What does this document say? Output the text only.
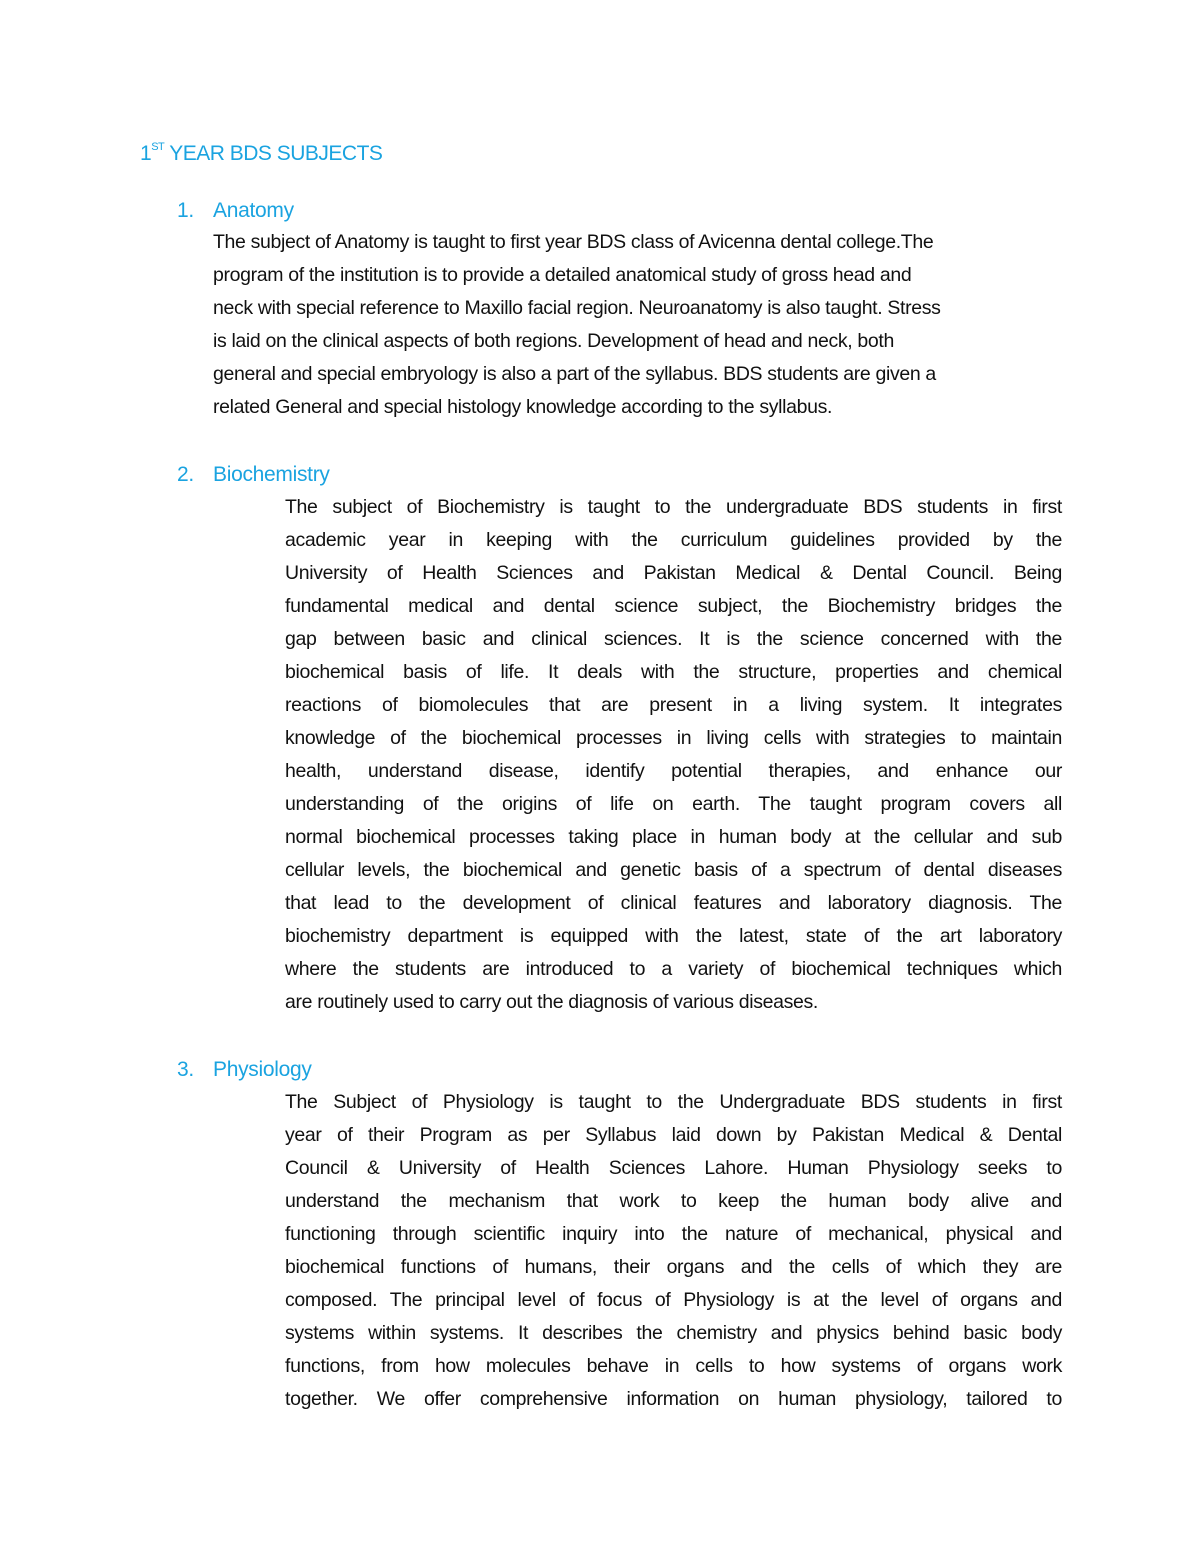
1ST YEAR BDS SUBJECTS
1. Anatomy
The subject of Anatomy is taught to first year BDS class of Avicenna dental college.The
program of the institution is to provide a detailed anatomical study of gross head and
neck with special reference to Maxillo facial region. Neuroanatomy is also taught. Stress
is laid on the clinical aspects of both regions. Development of head and neck, both
general and special embryology is also a part of the syllabus. BDS students are given a
related General and special histology knowledge according to the syllabus.
2. Biochemistry
The subject of Biochemistry is taught to the undergraduate BDS students in first
academic year in keeping with the curriculum guidelines provided by the
University of Health Sciences and Pakistan Medical & Dental Council. Being
fundamental medical and dental science subject, the Biochemistry bridges the
gap between basic and clinical sciences. It is the science concerned with the
biochemical basis of life. It deals with the structure, properties and chemical
reactions of biomolecules that are present in a living system. It integrates
knowledge of the biochemical processes in living cells with strategies to maintain
health, understand disease, identify potential therapies, and enhance our
understanding of the origins of life on earth. The taught program covers all
normal biochemical processes taking place in human body at the cellular and sub
cellular levels, the biochemical and genetic basis of a spectrum of dental diseases
that lead to the development of clinical features and laboratory diagnosis. The
biochemistry department is equipped with the latest, state of the art laboratory
where the students are introduced to a variety of biochemical techniques which
are routinely used to carry out the diagnosis of various diseases.
3. Physiology
The Subject of Physiology is taught to the Undergraduate BDS students in first
year of their Program as per Syllabus laid down by Pakistan Medical & Dental
Council & University of Health Sciences Lahore. Human Physiology seeks to
understand the mechanism that work to keep the human body alive and
functioning through scientific inquiry into the nature of mechanical, physical and
biochemical functions of humans, their organs and the cells of which they are
composed. The principal level of focus of Physiology is at the level of organs and
systems within systems. It describes the chemistry and physics behind basic body
functions, from how molecules behave in cells to how systems of organs work
together. We offer comprehensive information on human physiology, tailored to
